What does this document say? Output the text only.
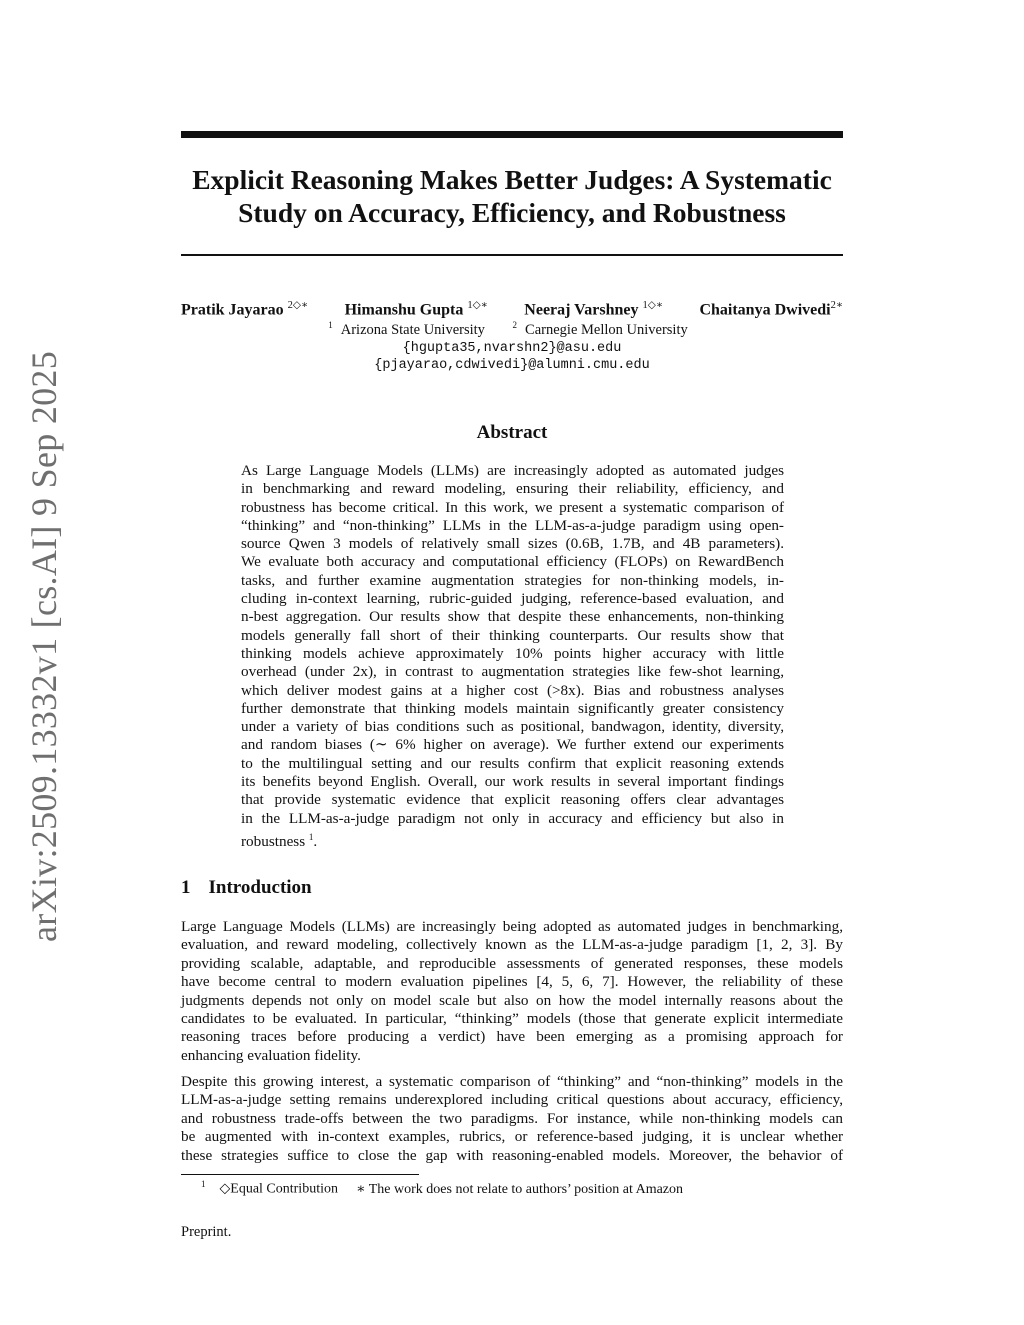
Explicit Reasoning Makes Better Judges: A Systematic
Study on Accuracy, Efficiency, and Robustness
Pratik Jayarao $^{2◇∗}$ Himanshu Gupta $^{1◇∗}$ Neeraj Varshney $^{1◇∗}$ Chaitanya Dwivedi$^{2∗}$
$^1$ Arizona State University	$^2$ Carnegie Mellon University
{hgupta35,nvarshn2}@asu.edu
{pjayarao,cdwivedi}@alumni.cmu.edu
Abstract
As Large Language Models (LLMs) are increasingly adopted as automated judges
in benchmarking and reward modeling, ensuring their reliability, efficiency, and
robustness has become critical. In this work, we present a systematic comparison of
“thinking” and “non-thinking” LLMs in the LLM-as-a-judge paradigm using open-
source Qwen 3 models of relatively small sizes (0.6B, 1.7B, and 4B parameters).
We evaluate both accuracy and computational efficiency (FLOPs) on RewardBench
tasks, and further examine augmentation strategies for non-thinking models, in-
cluding in-context learning, rubric-guided judging, reference-based evaluation, and
n-best aggregation. Our results show that despite these enhancements, non-thinking
models generally fall short of their thinking counterparts. Our results show that
thinking models achieve approximately 10% points higher accuracy with little
overhead (under 2x), in contrast to augmentation strategies like few-shot learning,
which deliver modest gains at a higher cost (>8x). Bias and robustness analyses
further demonstrate that thinking models maintain significantly greater consistency
under a variety of bias conditions such as positional, bandwagon, identity, diversity,
and random biases (∼ 6% higher on average). We further extend our experiments
to the multilingual setting and our results confirm that explicit reasoning extends
its benefits beyond English. Overall, our work results in several important findings
that provide systematic evidence that explicit reasoning offers clear advantages
in the LLM-as-a-judge paradigm not only in accuracy and efficiency but also in
robustness $^1$.
arXiv:2509.13332v1 [cs.AI] 9 Sep 2025	1 Introduction
Large Language Models (LLMs) are increasingly being adopted as automated judges in benchmarking,
evaluation, and reward modeling, collectively known as the LLM-as-a-judge paradigm [1, 2, 3]. By
providing scalable, adaptable, and reproducible assessments of generated responses, these models
have become central to modern evaluation pipelines [4, 5, 6, 7]. However, the reliability of these
judgments depends not only on model scale but also on how the model internally reasons about the
candidates to be evaluated. In particular, “thinking” models (those that generate explicit intermediate
reasoning traces before producing a verdict) have been emerging as a promising approach for
enhancing evaluation fidelity.
Despite this growing interest, a systematic comparison of “thinking” and “non-thinking” models in the
LLM-as-a-judge setting remains underexplored including critical questions about accuracy, efficiency,
and robustness trade-offs between the two paradigms. For instance, while non-thinking models can
be augmented with in-context examples, rubrics, or reference-based judging, it is unclear whether
these strategies suffice to close the gap with reasoning-enabled models. Moreover, the behavior of
$^1$ ◇Equal Contribution ∗ The work does not relate to authors’ position at Amazon
Preprint.
